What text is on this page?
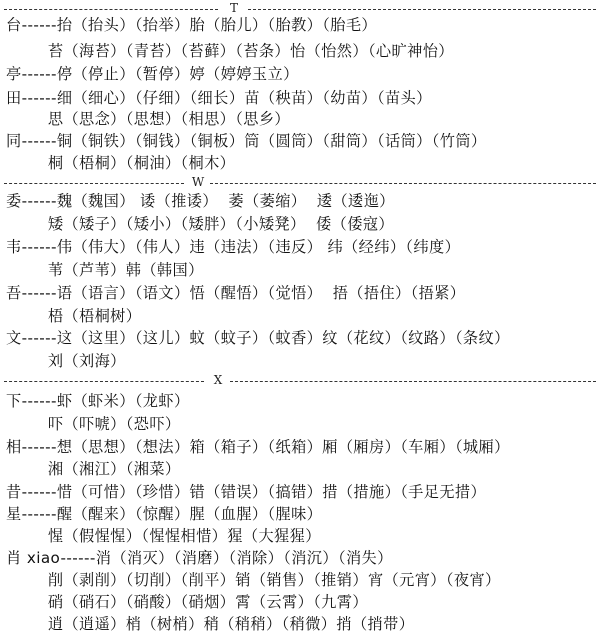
T
台------抬（抬头）（抬举）胎（胎儿）（胎教）（胎毛）
苔（海苔）（青苔）（苔藓）（苔条）怡（怡然）（心旷神怡）
亭------停（停止）（暂停）婷（婷婷玉立）
田------细（细心）（仔细）（细长）苗（秧苗）（幼苗）（苗头）
思（思念）（思想）（相思）（思乡）
同------铜（铜铁）（铜钱）（铜板）筒（圆筒）（甜筒）（话筒）（竹筒）
桐（梧桐）（桐油）（桐木）
W
委------魏（魏国） 诿（推诿）  萎（萎缩）  逶（逶迤）
矮（矮子）（矮小）（矮胖）（小矮凳）  倭（倭寇）
韦------伟（伟大）（伟人）违（违法）（违反） 纬（经纬）（纬度）
苇（芦苇）韩（韩国）
吾------语（语言）（语文）悟（醒悟）（觉悟）  捂（捂住）（捂紧）
梧（梧桐树）
文------这（这里）（这儿）蚊（蚊子）（蚊香）纹（花纹）（纹路）（条纹）
刘（刘海）
X
下------虾（虾米）（龙虾）
吓（吓唬）（恐吓）
相------想（思想）（想法）箱（箱子）（纸箱）厢（厢房）（车厢）（城厢）
湘（湘江）（湘菜）
昔------惜（可惜）（珍惜）错（错误）（搞错）措（措施）（手足无措）
星------醒（醒来）（惊醒）腥（血腥）（腥味）
惺（假惺惺）（惺惺相惜）猩（大猩猩）
肖 xiao------消（消灭）（消磨）（消除）（消沉）（消失）
削（剥削）（切削）（削平）销（销售）（推销）宵（元宵）（夜宵）
硝（硝石）（硝酸）（硝烟）霄（云霄）（九霄）
逍（逍遥）梢（树梢）稍（稍稍）（稍微）捎（捎带）
